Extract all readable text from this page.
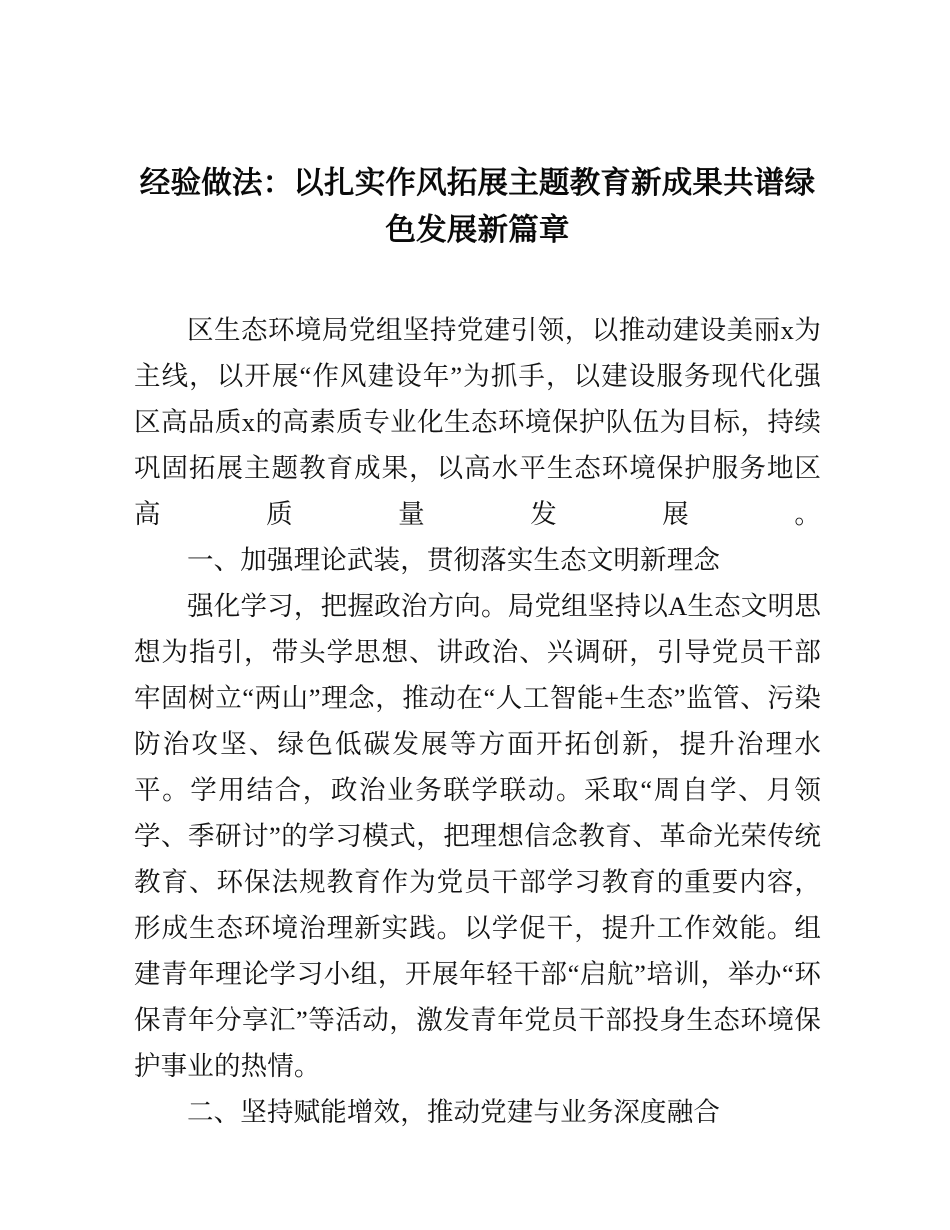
经验做法：以扎实作风拓展主题教育新成果共谱绿色发展新篇章

区生态环境局党组坚持党建引领，以推动建设美丽x为主线，以开展“作风建设年”为抓手，以建设服务现代化强区高品质x的高素质专业化生态环境保护队伍为目标，持续巩固拓展主题教育成果，以高水平生态环境保护服务地区高质量发展。

一、加强理论武装，贯彻落实生态文明新理念

强化学习，把握政治方向。局党组坚持以A生态文明思想为指引，带头学思想、讲政治、兴调研，引导党员干部牢固树立“两山”理念，推动在“人工智能+生态”监管、污染防治攻坚、绿色低碳发展等方面开拓创新，提升治理水平。学用结合，政治业务联学联动。采取“周自学、月领学、季研讨”的学习模式，把理想信念教育、革命光荣传统教育、环保法规教育作为党员干部学习教育的重要内容，形成生态环境治理新实践。以学促干，提升工作效能。组建青年理论学习小组，开展年轻干部“启航”培训，举办“环保青年分享汇”等活动，激发青年党员干部投身生态环境保护事业的热情。

二、坚持赋能增效，推动党建与业务深度融合
